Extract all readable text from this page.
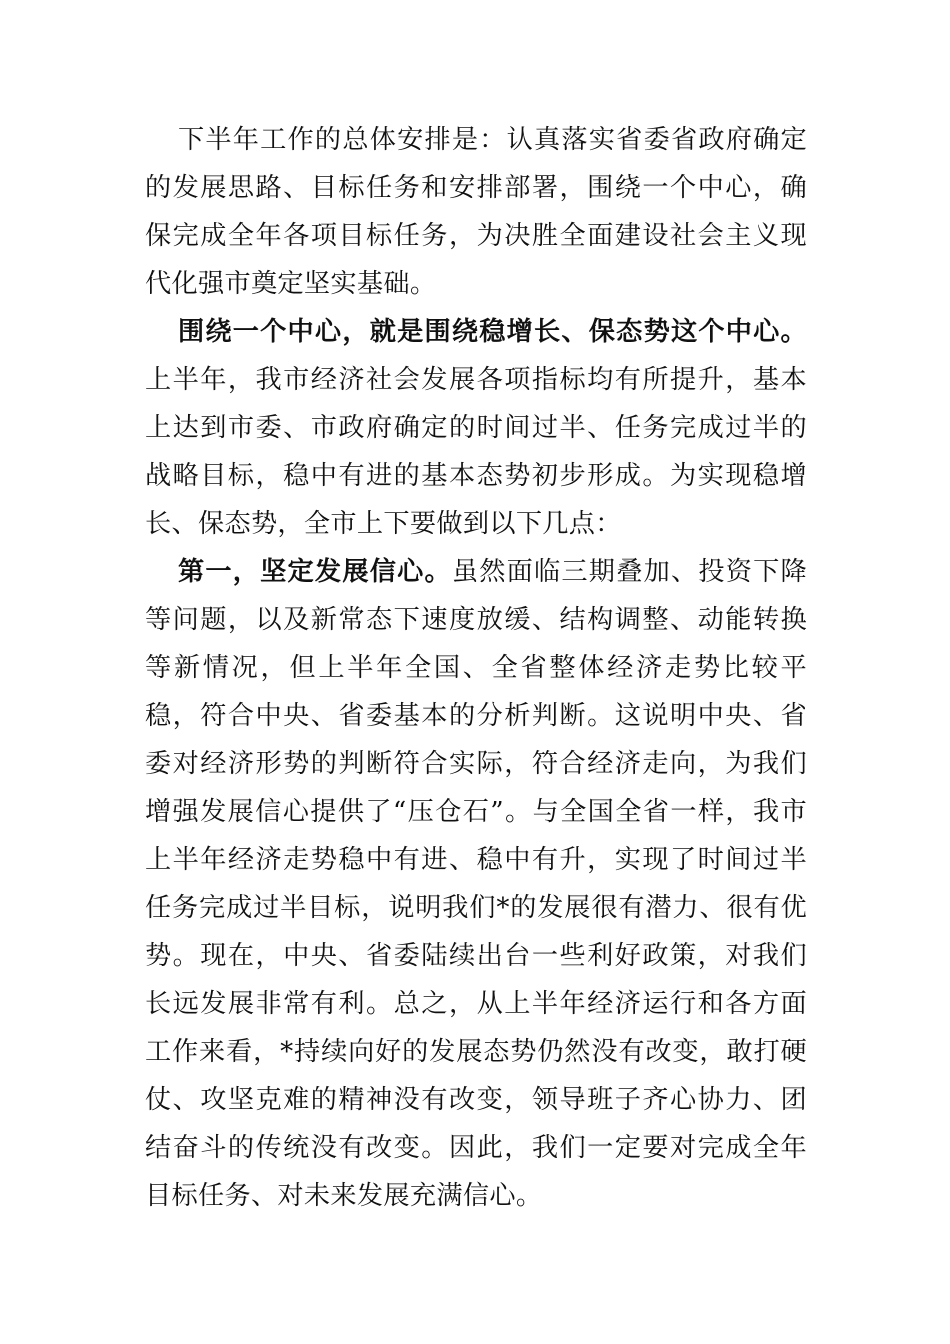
下半年工作的总体安排是：认真落实省委省政府确定的发展思路、目标任务和安排部署，围绕一个中心，确保完成全年各项目标任务，为决胜全面建设社会主义现代化强市奠定坚实基础。

围绕一个中心，就是围绕稳增长、保态势这个中心。上半年，我市经济社会发展各项指标均有所提升，基本上达到市委、市政府确定的时间过半、任务完成过半的战略目标，稳中有进的基本态势初步形成。为实现稳增长、保态势，全市上下要做到以下几点：

第一，坚定发展信心。虽然面临三期叠加、投资下降等问题，以及新常态下速度放缓、结构调整、动能转换等新情况，但上半年全国、全省整体经济走势比较平稳，符合中央、省委基本的分析判断。这说明中央、省委对经济形势的判断符合实际，符合经济走向，为我们增强发展信心提供了“压仓石”。与全国全省一样，我市上半年经济走势稳中有进、稳中有升，实现了时间过半任务完成过半目标，说明我们*的发展很有潜力、很有优势。现在，中央、省委陆续出台一些利好政策，对我们长远发展非常有利。总之，从上半年经济运行和各方面工作来看，*持续向好的发展态势仍然没有改变，敢打硬仗、攻坚克难的精神没有改变，领导班子齐心协力、团结奋斗的传统没有改变。因此，我们一定要对完成全年目标任务、对未来发展充满信心。
